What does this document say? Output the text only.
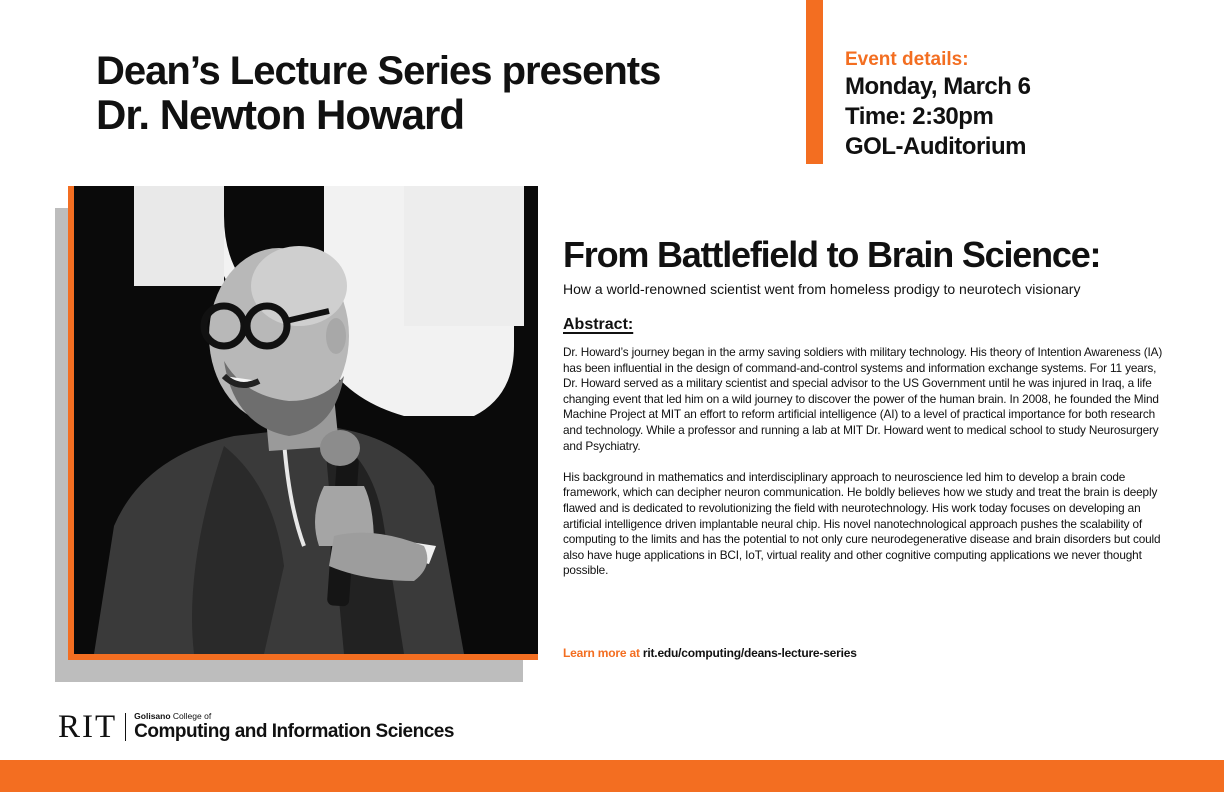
Dean’s Lecture Series presents
Dr. Newton Howard
Event details:
Monday, March 6
Time: 2:30pm
GOL-Auditorium
From Battlefield to Brain Science:
How a world-renowned scientist went from homeless prodigy to neurotech visionary
Abstract:

Dr. Howard’s journey began in the army saving soldiers with military technology. His theory of Intention Awareness (IA) has been influential in the design of command-and-control systems and information exchange systems. For 11 years, Dr. Howard served as a military scientist and special advisor to the US Government until he was injured in Iraq, a life changing event that led him on a wild journey to discover the power of the human brain. In 2008, he founded the Mind Machine Project at MIT an effort to reform artificial intelligence (AI) to a level of practical importance for both research and technology. While a professor and running a lab at MIT Dr. Howard went to medical school to study Neurosurgery and Psychiatry.

His background in mathematics and interdisciplinary approach to neuroscience led him to develop a brain code framework, which can decipher neuron communication. He boldly believes how we study and treat the brain is deeply flawed and is dedicated to revolutionizing the field with neurotechnology. His work today focuses on developing an artificial intelligence driven implantable neural chip. His novel nanotechnological approach pushes the scalability of computing to the limits and has the potential to not only cure neurodegenerative disease and brain disorders but could also have huge applications in BCI, IoT, virtual reality and other cognitive computing applications we never thought possible.

Learn more at rit.edu/computing/deans-lecture-series
RIT Golisano College of
Computing and Information Sciences
